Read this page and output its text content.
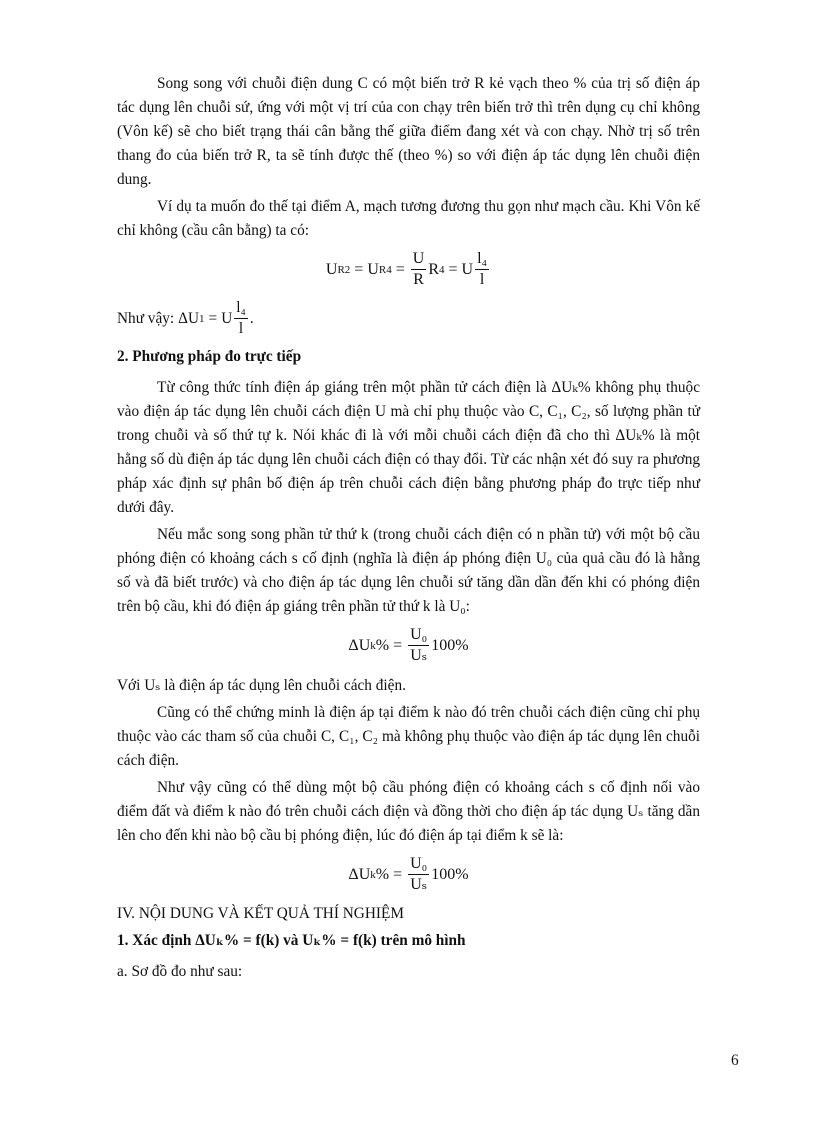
Song song với chuỗi điện dung C có một biến trở R kẻ vạch theo % của trị số điện áp tác dụng lên chuỗi sứ, ứng với một vị trí của con chạy trên biến trở thì trên dụng cụ chỉ không (Vôn kế) sẽ cho biết trạng thái cân bằng thế giữa điểm đang xét và con chạy. Nhờ trị số trên thang đo của biến trở R, ta sẽ tính được thế (theo %) so với điện áp tác dụng lên chuỗi điện dung.

Ví dụ ta muốn đo thế tại điểm A, mạch tương đương thu gọn như mạch cầu. Khi Vôn kế chỉ không (cầu cân bằng) ta có:

U R2 = U $R4 = \frac{U}{R}$ R 4 = U $\frac{\text{l₄}}{l}$

Như vậy: ΔU 1 = U $\frac{\text{l₄}}{l}$ .

2. Phương pháp đo trực tiếp

Từ công thức tính điện áp giáng trên một phần tử cách điện là ΔUₖ% không phụ thuộc vào điện áp tác dụng lên chuỗi cách điện U mà chỉ phụ thuộc vào C, C₁, C₂, số lượng phần tử trong chuỗi và số thứ tự k. Nói khác đi là với mỗi chuỗi cách điện đã cho thì ΔUₖ% là một hằng số dù điện áp tác dụng lên chuỗi cách điện có thay đổi. Từ các nhận xét đó suy ra phương pháp xác định sự phân bố điện áp trên chuỗi cách điện bằng phương pháp đo trực tiếp như dưới đây.

Nếu mắc song song phần tử thứ k (trong chuỗi cách điện có n phần tử) với một bộ cầu phóng điện có khoảng cách s cố định (nghĩa là điện áp phóng điện U₀ của quả cầu đó là hằng số và đã biết trước) và cho điện áp tác dụng lên chuỗi sứ tăng dần dần đến khi có phóng điện trên bộ cầu, khi đó điện áp giáng trên phần tử thứ k là U₀:

ΔU k % = $\frac{\text{U₀}}{\text{Uₛ}} 100\%$

Với Uₛ là điện áp tác dụng lên chuỗi cách điện.

Cũng có thể chứng minh là điện áp tại điểm k nào đó trên chuỗi cách điện cũng chỉ phụ thuộc vào các tham số của chuỗi C, C₁, C₂ mà không phụ thuộc vào điện áp tác dụng lên chuỗi cách điện.

Như vậy cũng có thể dùng một bộ cầu phóng điện có khoảng cách s cố định nối vào điểm đất và điểm k nào đó trên chuỗi cách điện và đồng thời cho điện áp tác dụng Uₛ tăng dần lên cho đến khi nào bộ cầu bị phóng điện, lúc đó điện áp tại điểm k sẽ là:

ΔU k % = $\frac{\text{U₀}}{\text{Uₛ}} 100\%$
IV. NỘI DUNG VÀ KẾT QUẢ THÍ NGHIỆM
1. Xác định ΔUₖ% = f(k) và Uₖ% = f(k) trên mô hình

a. Sơ đồ đo như sau:

6
